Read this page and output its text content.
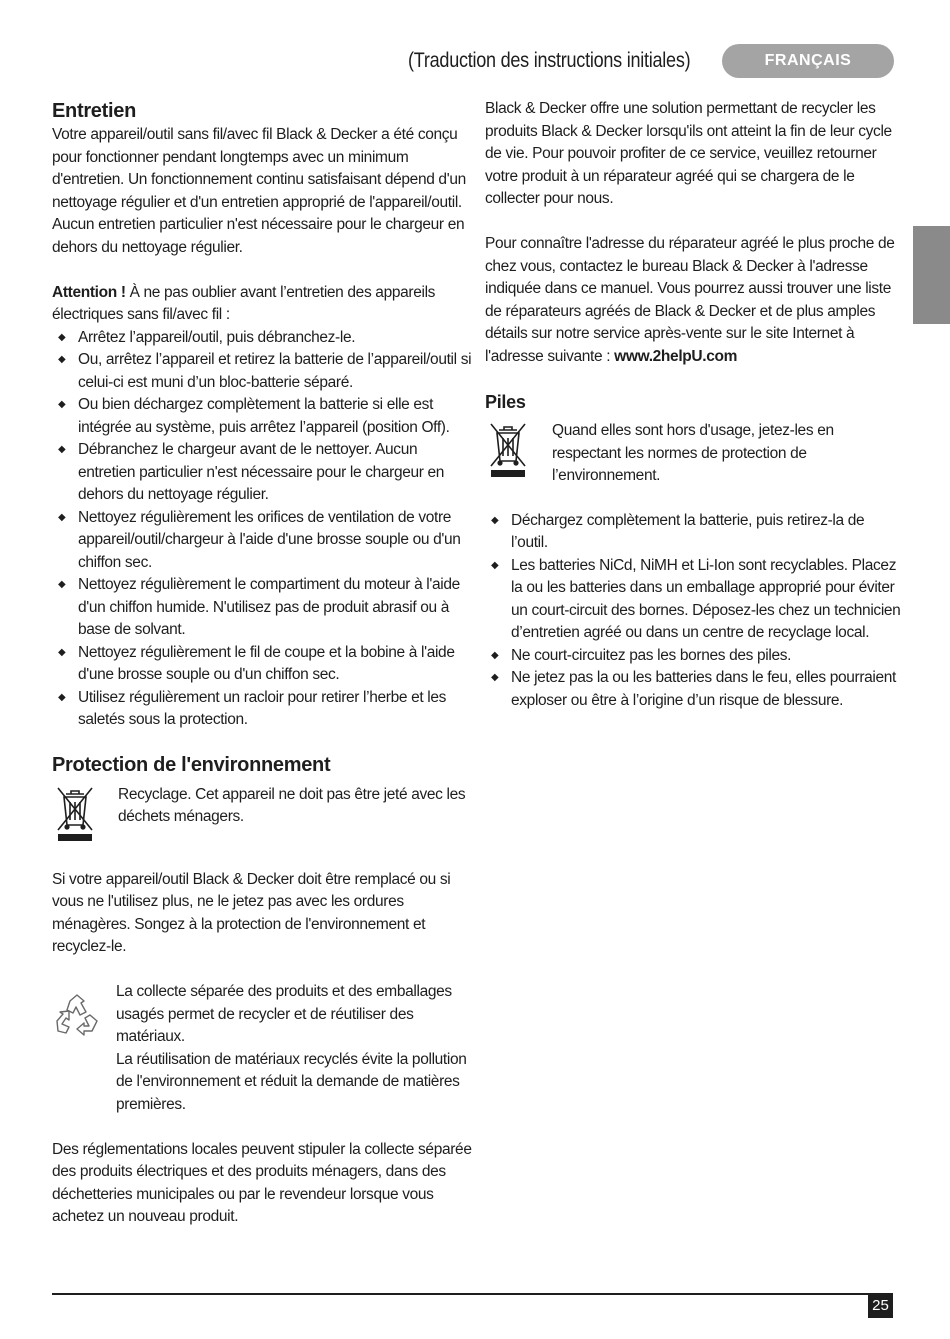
(Traduction des instructions initiales)	FRANÇAIS
Entretien

Votre appareil/outil sans fil/avec fil Black & Decker a été conçu pour fonctionner pendant longtemps avec un minimum d'entretien. Un fonctionnement continu satisfaisant dépend d'un nettoyage régulier et d'un entretien approprié de l'appareil/outil.

Aucun entretien particulier n'est nécessaire pour le chargeur en dehors du nettoyage régulier.

Attention ! À ne pas oublier avant l’entretien des appareils électriques sans fil/avec fil :

◆ Arrêtez l’appareil/outil, puis débranchez-le.
◆ Ou, arrêtez l’appareil et retirez la batterie de l’appareil/outil si celui-ci est muni d’un bloc-batterie séparé.
◆ Ou bien déchargez complètement la batterie si elle est intégrée au système, puis arrêtez l’appareil (position Off).
◆ Débranchez le chargeur avant de le nettoyer. Aucun entretien particulier n'est nécessaire pour le chargeur en dehors du nettoyage régulier.
◆ Nettoyez régulièrement les orifices de ventilation de votre appareil/outil/chargeur à l'aide d'une brosse souple ou d'un chiffon sec.
◆ Nettoyez régulièrement le compartiment du moteur à l'aide d'un chiffon humide. N'utilisez pas de produit abrasif ou à base de solvant.
◆ Nettoyez régulièrement le fil de coupe et la bobine à l'aide d'une brosse souple ou d'un chiffon sec.
◆ Utilisez régulièrement un racloir pour retirer l’herbe et les saletés sous la protection.
Protection de l'environnement

Recyclage. Cet appareil ne doit pas être jeté avec les déchets ménagers.

Si votre appareil/outil Black & Decker doit être remplacé ou si vous ne l'utilisez plus, ne le jetez pas avec les ordures ménagères. Songez à la protection de l'environnement et recyclez-le.

La collecte séparée des produits et des emballages usagés permet de recycler et de réutiliser des matériaux.

La réutilisation de matériaux recyclés évite la pollution de l'environnement et réduit la demande de matières premières.

Des réglementations locales peuvent stipuler la collecte séparée des produits électriques et des produits ménagers, dans des déchetteries municipales ou par le revendeur lorsque vous achetez un nouveau produit.

Black & Decker offre une solution permettant de recycler les produits Black & Decker lorsqu'ils ont atteint la fin de leur cycle de vie. Pour pouvoir profiter de ce service, veuillez retourner votre produit à un réparateur agréé qui se chargera de le collecter pour nous.

Pour connaître l'adresse du réparateur agréé le plus proche de chez vous, contactez le bureau Black & Decker à l'adresse indiquée dans ce manuel. Vous pourrez aussi trouver une liste de réparateurs agréés de Black & Decker et de plus amples détails sur notre service après-vente sur le site Internet à l'adresse suivante : www.2helpU.com

Piles

Quand elles sont hors d'usage, jetez-les en respectant les normes de protection de l’environnement.

◆ Déchargez complètement la batterie, puis retirez-la de l’outil.
◆ Les batteries NiCd, NiMH et Li-Ion sont recyclables. Placez la ou les batteries dans un emballage approprié pour éviter un court-circuit des bornes. Déposez-les chez un technicien d’entretien agréé ou dans un centre de recyclage local.
◆ Ne court-circuitez pas les bornes des piles.
◆ Ne jetez pas la ou les batteries dans le feu, elles pourraient exploser ou être à l’origine d’un risque de blessure.
25
